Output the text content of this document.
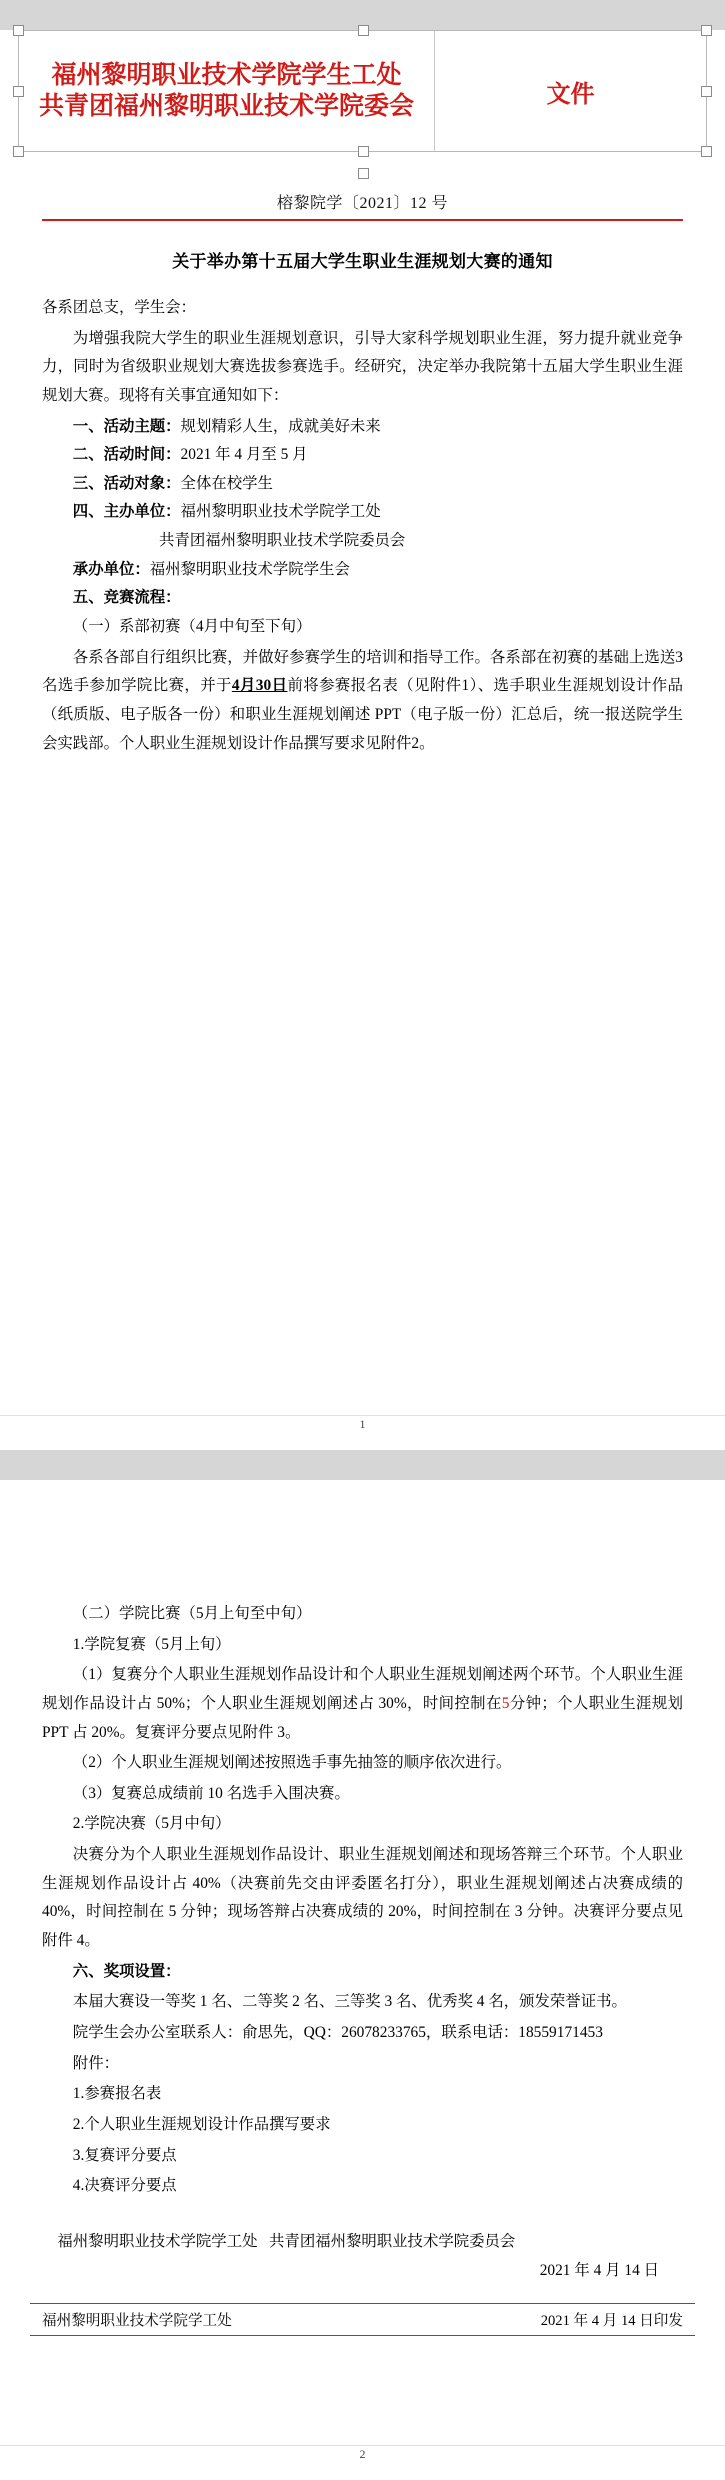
福州黎明职业技术学院学生工处
共青团福州黎明职业技术学院委会	文件
榕黎院学〔2021〕12 号
关于举办第十五届大学生职业生涯规划大赛的通知

各系团总支，学生会：

为增强我院大学生的职业生涯规划意识，引导大家科学规划职业生涯，努力提升就业竞争力，同时为省级职业规划大赛选拔参赛选手。经研究，决定举办我院第十五届大学生职业生涯规划大赛。现将有关事宜通知如下：

一、活动主题： 规划精彩人生，成就美好未来
二、活动时间： 2021 年 4 月至 5 月
三、活动对象： 全体在校学生
四、主办单位： 福州黎明职业技术学院学工处
共青团福州黎明职业技术学院委员会
承办单位： 福州黎明职业技术学院学生会
五、竞赛流程：

（一）系部初赛（4月中旬至下旬）

各系各部自行组织比赛，并做好参赛学生的培训和指导工作。各系部在初赛的基础上选送3名选手参加学院比赛，并于4月30日前将参赛报名表（见附件1）、选手职业生涯规划设计作品（纸质版、电子版各一份）和职业生涯规划阐述 PPT（电子版一份）汇总后，统一报送院学生会实践部。个人职业生涯规划设计作品撰写要求见附件2。

1

（二）学院比赛（5月上旬至中旬）

1.学院复赛（5月上旬）

（1）复赛分个人职业生涯规划作品设计和个人职业生涯规划阐述两个环节。个人职业生涯规划作品设计占 50%；个人职业生涯规划阐述占 30%，时间控制在5分钟；个人职业生涯规划 PPT 占 20%。复赛评分要点见附件 3。

（2）个人职业生涯规划阐述按照选手事先抽签的顺序依次进行。

（3）复赛总成绩前 10 名选手入围决赛。

2.学院决赛（5月中旬）

决赛分为个人职业生涯规划作品设计、职业生涯规划阐述和现场答辩三个环节。个人职业生涯规划作品设计占 40%（决赛前先交由评委匿名打分），职业生涯规划阐述占决赛成绩的 40%，时间控制在 5 分钟；现场答辩占决赛成绩的 20%，时间控制在 3 分钟。决赛评分要点见附件 4。

六、奖项设置：

本届大赛设一等奖 1 名、二等奖 2 名、三等奖 3 名、优秀奖 4 名，颁发荣誉证书。

院学生会办公室联系人：俞思先，QQ：26078233765，联系电话：18559171453

附件：

1.参赛报名表

2.个人职业生涯规划设计作品撰写要求

3.复赛评分要点

4.决赛评分要点

福州黎明职业技术学院学工处 共青团福州黎明职业技术学院委员会
2021 年 4 月 14 日
福州黎明职业技术学院学工处	2021 年 4 月 14 日印发
2
